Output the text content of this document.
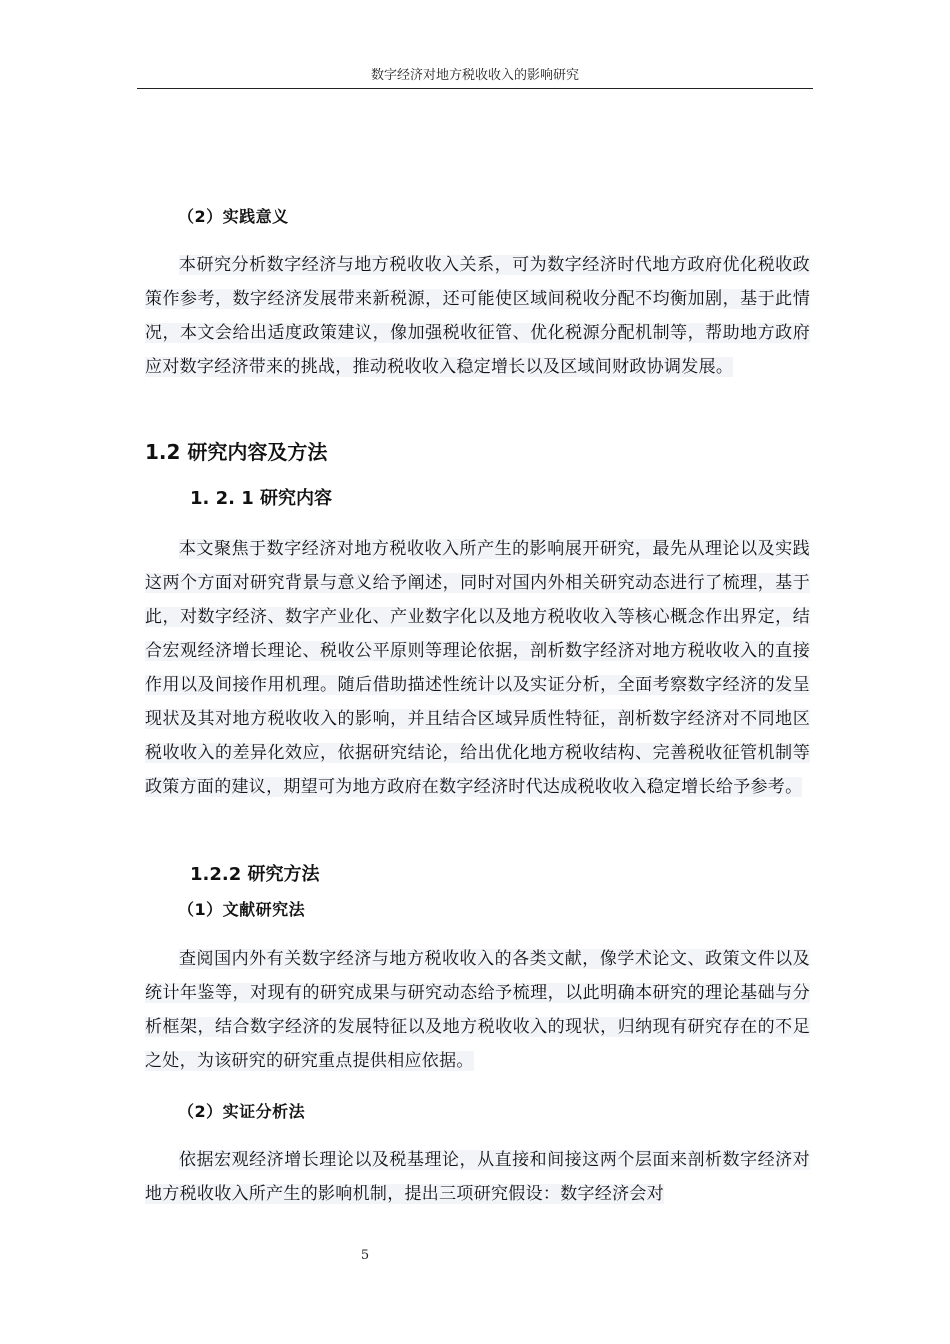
数字经济对地方税收收入的影响研究
（2）实践意义
本研究分析数字经济与地方税收收入关系，可为数字经济时代地方政府优化税收政策作参考，数字经济发展带来新税源，还可能使区域间税收分配不均衡加剧，基于此情况，本文会给出适度政策建议，像加强税收征管、优化税源分配机制等，帮助地方政府应对数字经济带来的挑战，推动税收收入稳定增长以及区域间财政协调发展。
1.2 研究内容及方法
1. 2. 1 研究内容
本文聚焦于数字经济对地方税收收入所产生的影响展开研究，最先从理论以及实践这两个方面对研究背景与意义给予阐述，同时对国内外相关研究动态进行了梳理，基于此，对数字经济、数字产业化、产业数字化以及地方税收收入等核心概念作出界定，结合宏观经济增长理论、税收公平原则等理论依据，剖析数字经济对地方税收收入的直接作用以及间接作用机理。随后借助描述性统计以及实证分析，全面考察数字经济的发呈现状及其对地方税收收入的影响，并且结合区域异质性特征，剖析数字经济对不同地区税收收入的差异化效应，依据研究结论，给出优化地方税收结构、完善税收征管机制等政策方面的建议，期望可为地方政府在数字经济时代达成税收收入稳定增长给予参考。
1.2.2 研究方法
（1）文献研究法
查阅国内外有关数字经济与地方税收收入的各类文献，像学术论文、政策文件以及统计年鉴等，对现有的研究成果与研究动态给予梳理，以此明确本研究的理论基础与分析框架，结合数字经济的发展特征以及地方税收收入的现状，归纳现有研究存在的不足之处，为该研究的研究重点提供相应依据。
（2）实证分析法
依据宏观经济增长理论以及税基理论，从直接和间接这两个层面来剖析数字经济对地方税收收入所产生的影响机制，提出三项研究假设：数字经济会对
5
